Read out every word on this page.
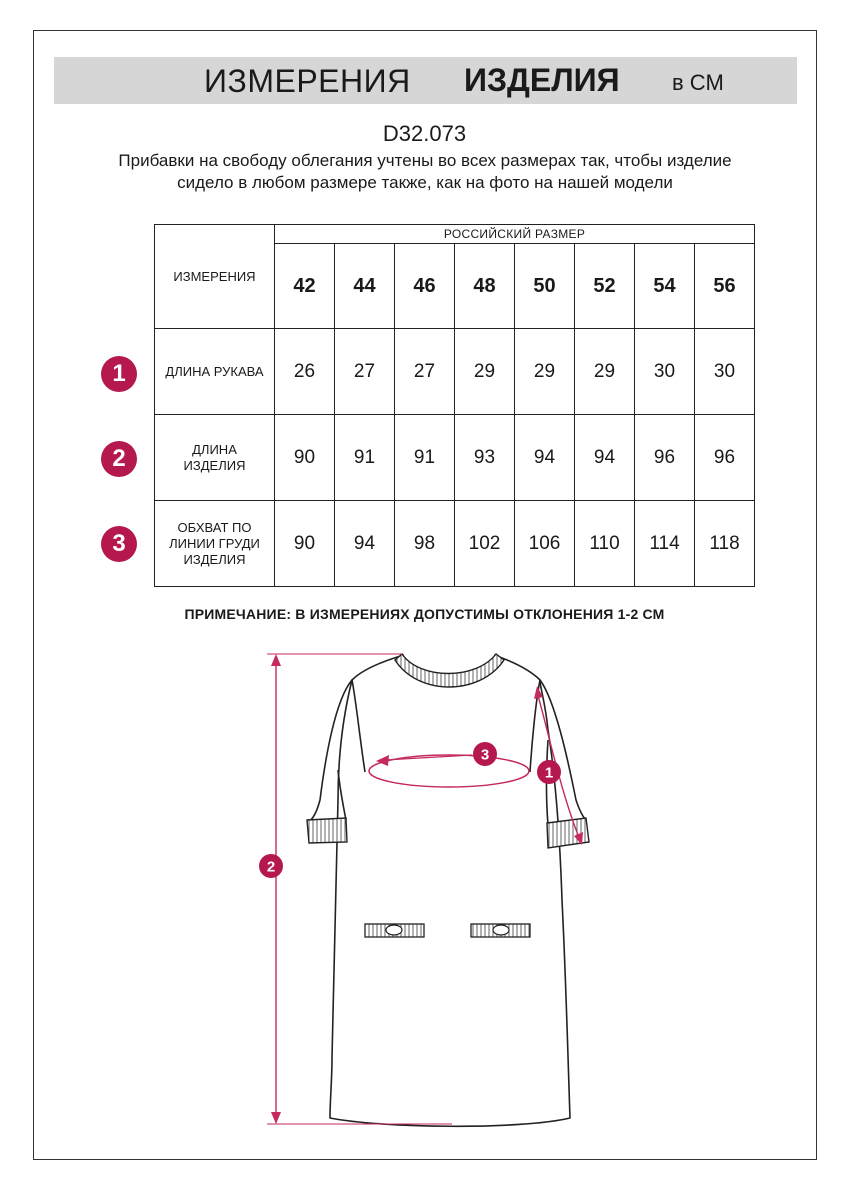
ИЗМЕРЕНИЯ ИЗДЕЛИЯ в СМ
D32.073
Прибавки на свободу облегания учтены во всех размерах так, чтобы изделие сидело в любом размере также, как на фото на нашей модели
ИЗМЕРЕНИЯ	РОССИЙСКИЙ РАЗМЕР							
	42	44	46	48	50	52	54	56
ДЛИНА РУКАВА	26	27	27	29	29	29	30	30
ДЛИНА ИЗДЕЛИЯ	90	91	91	93	94	94	96	96
ОБХВАТ ПО ЛИНИИ ГРУДИ ИЗДЕЛИЯ	90	94	98	102	106	110	114	118
1
2
3
ПРИМЕЧАНИЕ: В ИЗМЕРЕНИЯХ ДОПУСТИМЫ ОТКЛОНЕНИЯ 1-2 СМ
2
3
1
